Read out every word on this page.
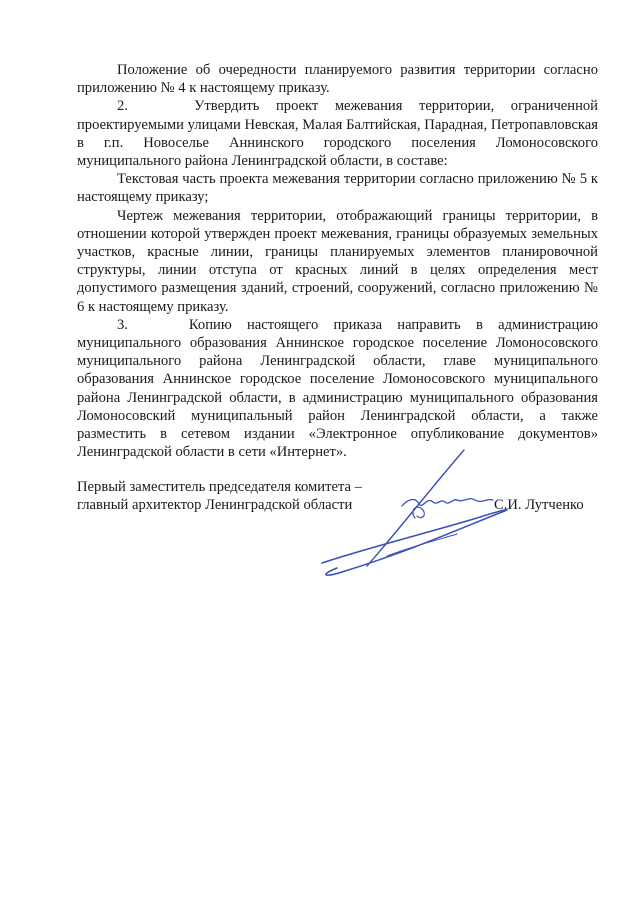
Положение об очередности планируемого развития территории согласно приложению № 4 к настоящему приказу.

2.    Утвердить проект межевания территории, ограниченной проектируемыми улицами Невская, Малая Балтийская, Парадная, Петропавловская в г.п. Новоселье Аннинского городского поселения Ломоносовского муниципального района Ленинградской области, в составе:

Текстовая часть проекта межевания территории согласно приложению № 5 к настоящему приказу;

Чертеж межевания территории, отображающий границы территории, в отношении которой утвержден проект межевания, границы образуемых земельных участков, красные линии, границы планируемых элементов планировочной структуры, линии отступа от красных линий в целях определения мест допустимого размещения зданий, строений, сооружений, согласно приложению № 6 к настоящему приказу.

3.    Копию настоящего приказа направить в администрацию муниципального образования Аннинское городское поселение Ломоносовского муниципального района Ленинградской области, главе муниципального образования Аннинское городское поселение Ломоносовского муниципального района Ленинградской области, в администрацию муниципального образования Ломоносовский муниципальный район Ленинградской области, а также разместить в сетевом издании «Электронное опубликование документов» Ленинградской области в сети «Интернет».

Первый заместитель председателя комитета –
главный архитектор Ленинградской области	С.И. Лутченко
